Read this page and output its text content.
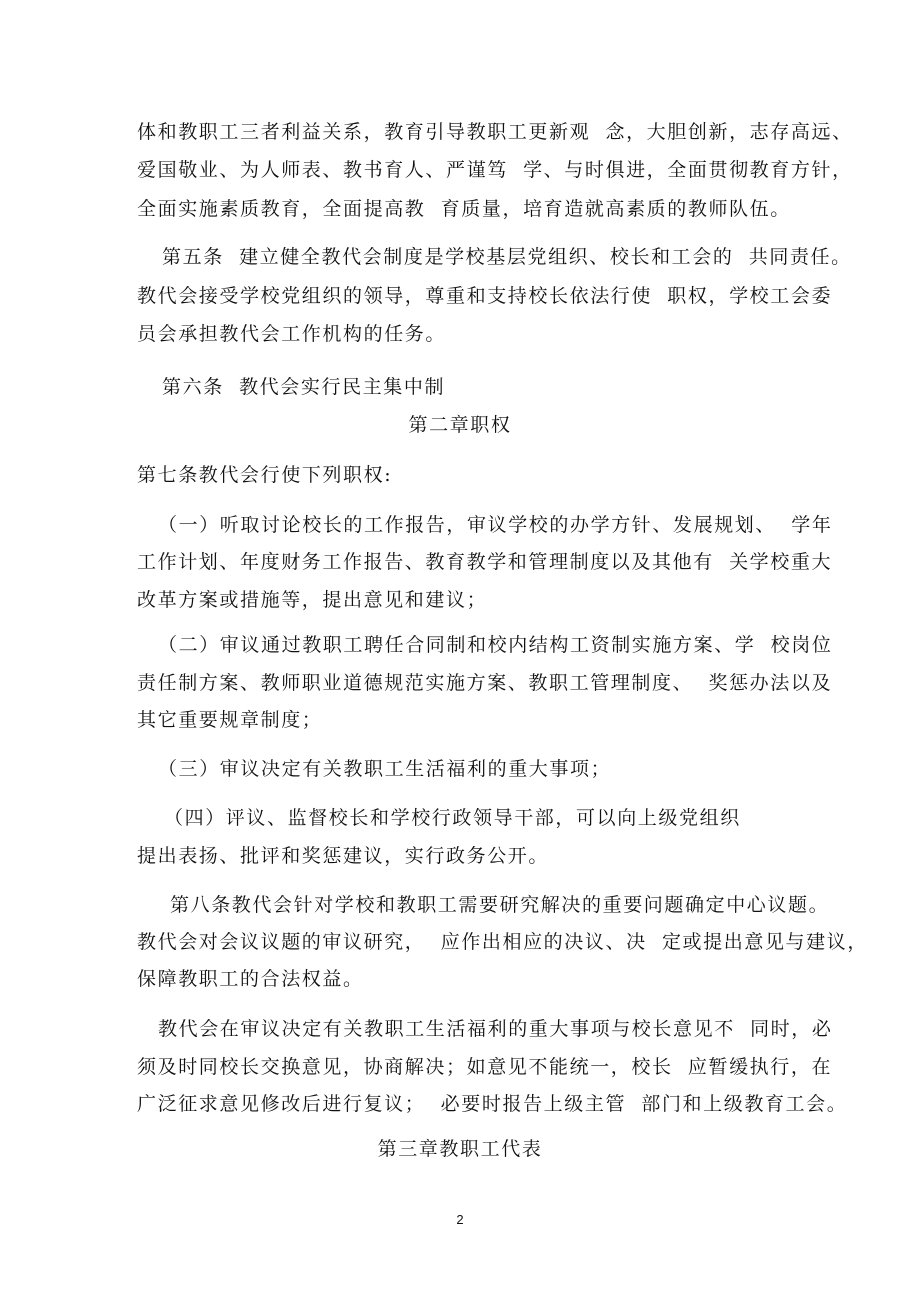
体和教职工三者利益关系，教育引导教职工更新观  念，大胆创新，志存高远、

爱国敬业、为人师表、教书育人、严谨笃  学、与时俱进，全面贯彻教育方针，

全面实施素质教育，全面提高教  育质量，培育造就高素质的教师队伍。

第五条  建立健全教代会制度是学校基层党组织、校长和工会的  共同责任。

教代会接受学校党组织的领导，尊重和支持校长依法行使  职权，学校工会委

员会承担教代会工作机构的任务。

第六条  教代会实行民主集中制

第二章职权

第七条教代会行使下列职权:

（一）听取讨论校长的工作报告，审议学校的办学方针、发展规划、  学年

工作计划、年度财务工作报告、教育教学和管理制度以及其他有  关学校重大

改革方案或措施等，提出意见和建议；

（二）审议通过教职工聘任合同制和校内结构工资制实施方案、学  校岗位

责任制方案、教师职业道德规范实施方案、教职工管理制度、  奖惩办法以及

其它重要规章制度；

（三）审议决定有关教职工生活福利的重大事项；

（四）评议、监督校长和学校行政领导干部，可以向上级党组织

提出表扬、批评和奖惩建议，实行政务公开。

第八条教代会针对学校和教职工需要研究解决的重要问题确定中心议题。

教代会对会议议题的审议研究，  应作出相应的决议、决  定或提出意见与建议，

保障教职工的合法权益。

教代会在审议决定有关教职工生活福利的重大事项与校长意见不  同时，必

须及时同校长交换意见，协商解决；如意见不能统一，校长  应暂缓执行，在

广泛征求意见修改后进行复议；  必要时报告上级主管  部门和上级教育工会。

第三章教职工代表

2
